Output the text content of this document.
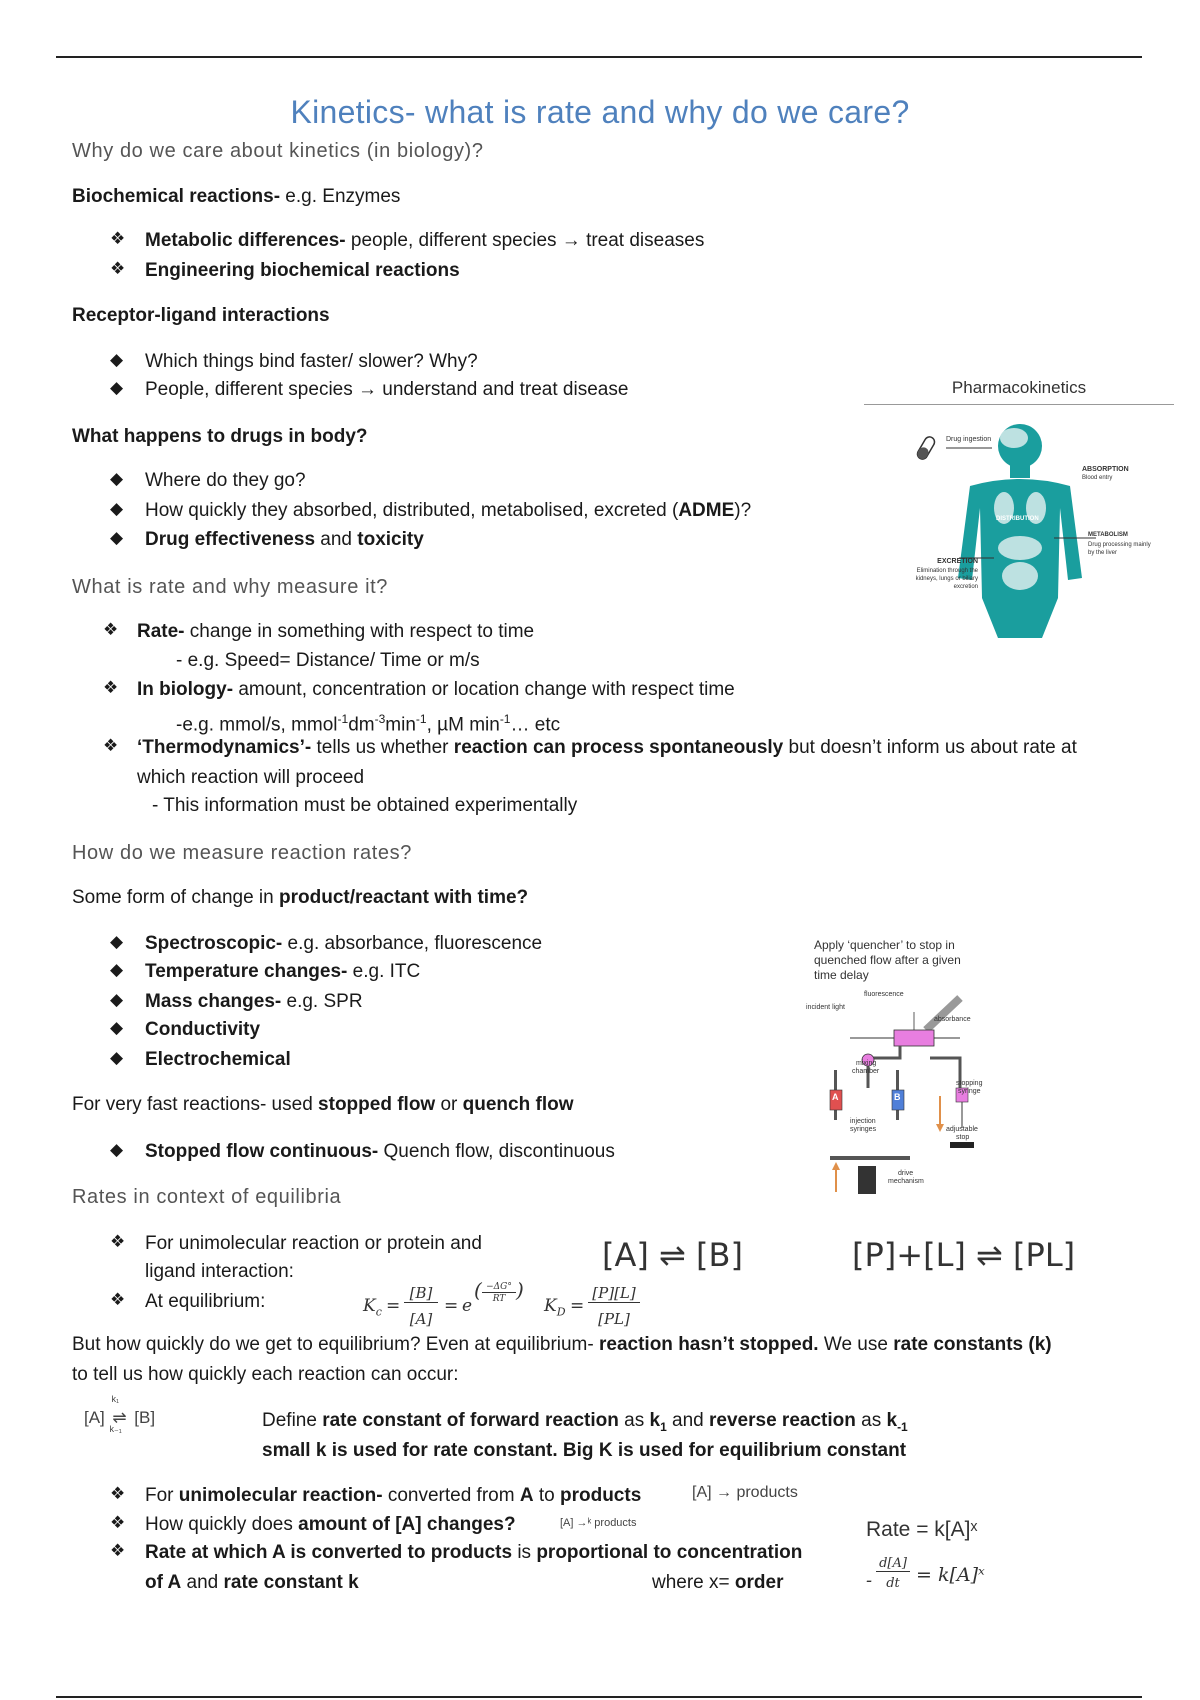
Kinetics- what is rate and why do we care?
Why do we care about kinetics (in biology)?
Biochemical reactions- e.g. Enzymes
❖ Metabolic differences- people, different species → treat diseases
❖ Engineering biochemical reactions
Receptor-ligand interactions
◆ Which things bind faster/ slower? Why?
◆ People, different species → understand and treat disease
What happens to drugs in body?
◆ Where do they go?
◆ How quickly they absorbed, distributed, metabolised, excreted (ADME)?
◆ Drug effectiveness and toxicity
Pharmacokinetics
Drug ingestion
ABSORPTION
Blood entry
DISTRIBUTION
METABOLISM
Drug processing mainly
by the liver
EXCRETION
Elimination through the
kidneys, lungs or biliary
excretion
What is rate and why measure it?
❖ Rate- change in something with respect to time
- e.g. Speed= Distance/ Time or m/s
❖ In biology- amount, concentration or location change with respect time
-e.g. mmol/s, $mmol^{-1}dm^{-3}\min^{-1}$, µM $\min^{-1}\dots$ etc
❖ ‘Thermodynamics’- tells us whether reaction can process spontaneously but doesn’t inform us about rate at
which reaction will proceed
- This information must be obtained experimentally
How do we measure reaction rates?
Some form of change in product/reactant with time?
◆ Spectroscopic- e.g. absorbance, fluorescence
◆ Temperature changes- e.g. ITC
◆ Mass changes- e.g. SPR
◆ Conductivity
◆ Electrochemical
For very fast reactions- used stopped flow or quench flow
◆ Stopped flow continuous- Quench flow, discontinuous
Apply ‘quencher’ to stop in
quenched flow after a given
time delay
fluorescence
incident light
absorbance
mixing
chamber
stopping
syringe
injection
syringes	adjustable
stop
drive
mechanism
A	B
Rates in context of equilibria
❖ For unimolecular reaction or protein and
ligand interaction:
❖ At equilibrium:
[A] ⇌ [B]	[P]+[L] ⇌ [PL]
$K_c$ =
[B]
[A]
= e
( −ΔG°
RT )
$K_D$ =
[P][L]
[PL]
But how quickly do we get to equilibrium? Even at equilibrium- reaction hasn’t stopped. We use rate constants (k)
to tell us how quickly each reaction can occur:
[A]
k₁
⇌
k₋₁
[B]	Define rate constant of forward reaction as $k_1$ and reverse reaction as $k_{-1}$
small k is used for rate constant. Big K is used for equilibrium constant
❖ For unimolecular reaction- converted from A to products	[A] → products
❖ How quickly does amount of [A] changes?	[A] →ᵏ products
❖ Rate at which A is converted to products is proportional to concentration
of A and rate constant k	where x= order
Rate = k[A]ˣ
-
d[A]
dt = k[A]ˣ
